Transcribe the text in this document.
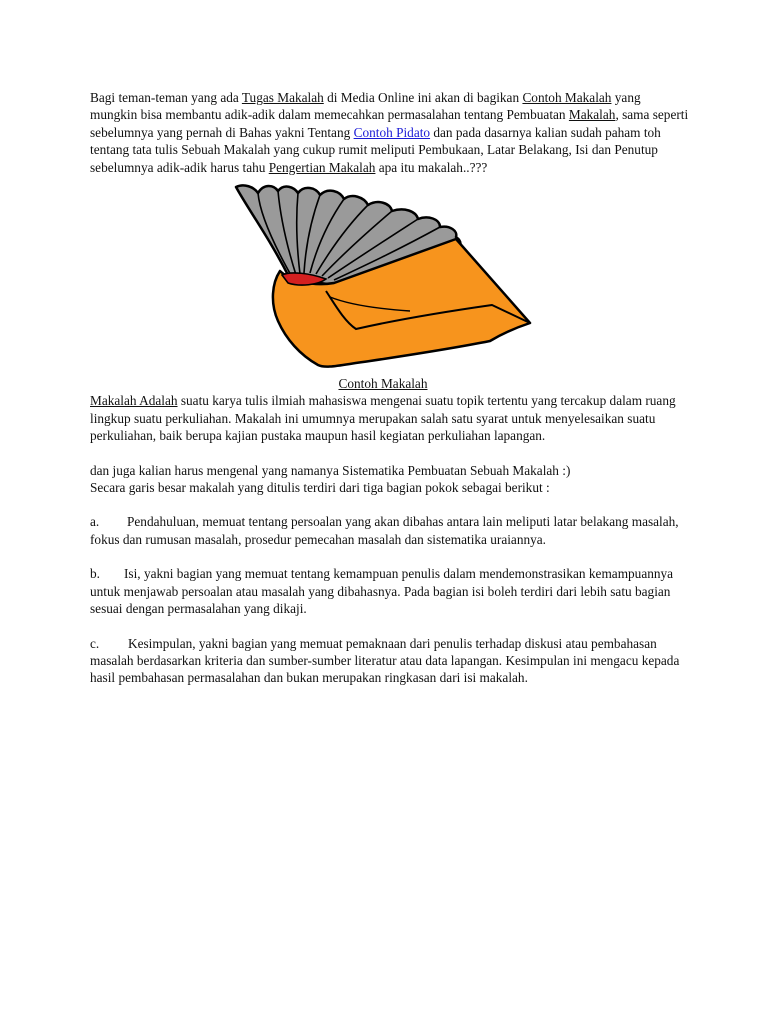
Bagi teman-teman yang ada Tugas Makalah di Media Online ini akan di bagikan Contoh Makalah yang mungkin bisa membantu adik-adik dalam memecahkan permasalahan tentang Pembuatan Makalah, sama seperti sebelumnya yang pernah di Bahas yakni Tentang Contoh Pidato dan pada dasarnya kalian sudah paham toh tentang tata tulis Sebuah Makalah yang cukup rumit meliputi Pembukaan, Latar Belakang, Isi dan Penutup sebelumnya adik-adik harus tahu Pengertian Makalah apa itu makalah..???

Contoh Makalah

Makalah Adalah suatu karya tulis ilmiah mahasiswa mengenai suatu topik tertentu yang tercakup dalam ruang lingkup suatu perkuliahan. Makalah ini umumnya merupakan salah satu syarat untuk menyelesaikan suatu perkuliahan, baik berupa kajian pustaka maupun hasil kegiatan perkuliahan lapangan.

dan juga kalian harus mengenal yang namanya Sistematika Pembuatan Sebuah Makalah :)

Secara garis besar makalah yang ditulis terdiri dari tiga bagian pokok sebagai berikut :

a. Pendahuluan, memuat tentang persoalan yang akan dibahas antara lain meliputi latar belakang masalah, fokus dan rumusan masalah, prosedur pemecahan masalah dan sistematika uraiannya.

b. Isi, yakni bagian yang memuat tentang kemampuan penulis dalam mendemonstrasikan kemampuannya untuk menjawab persoalan atau masalah yang dibahasnya. Pada bagian isi boleh terdiri dari lebih satu bagian sesuai dengan permasalahan yang dikaji.

c. Kesimpulan, yakni bagian yang memuat pemaknaan dari penulis terhadap diskusi atau pembahasan masalah berdasarkan kriteria dan sumber-sumber literatur atau data lapangan. Kesimpulan ini mengacu kepada hasil pembahasan permasalahan dan bukan merupakan ringkasan dari isi makalah.
